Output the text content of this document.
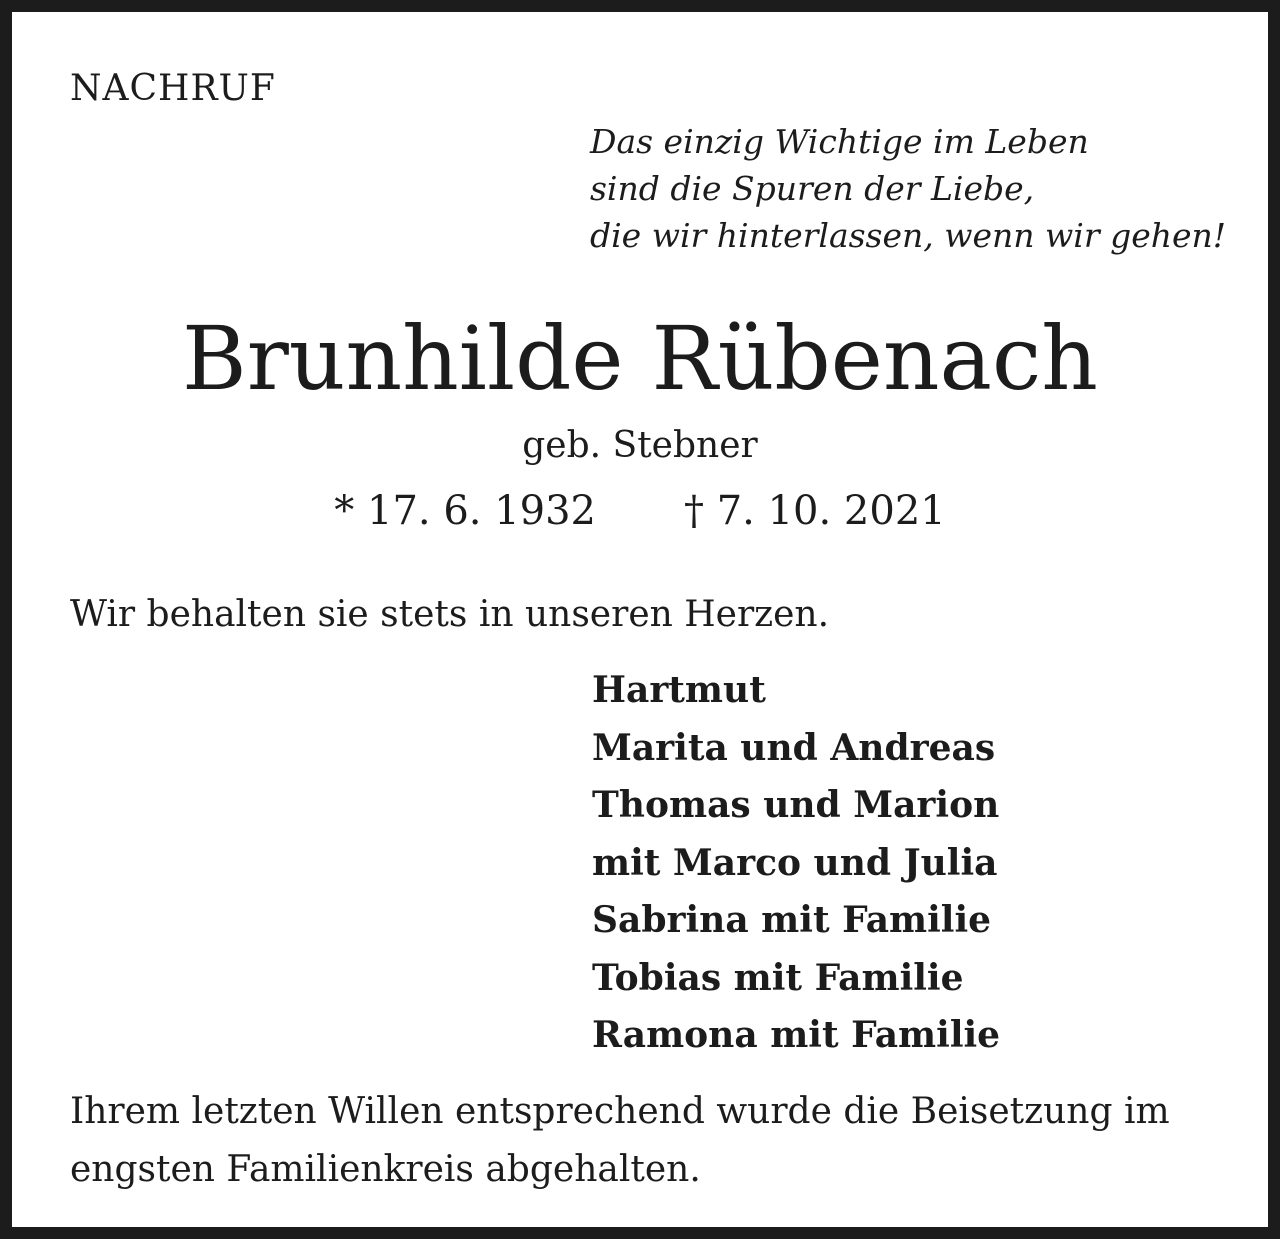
NACHRUF
Das einzig Wichtige im Leben
sind die Spuren der Liebe,
die wir hinterlassen, wenn wir gehen!
Brunhilde Rübenach
geb. Stebner
* 17. 6. 1932 † 7. 10. 2021
Wir behalten sie stets in unseren Herzen.
Hartmut
Marita und Andreas
Thomas und Marion
mit Marco und Julia
Sabrina mit Familie
Tobias mit Familie
Ramona mit Familie
Ihrem letzten Willen entsprechend wurde die Beisetzung im
engsten Familienkreis abgehalten.
